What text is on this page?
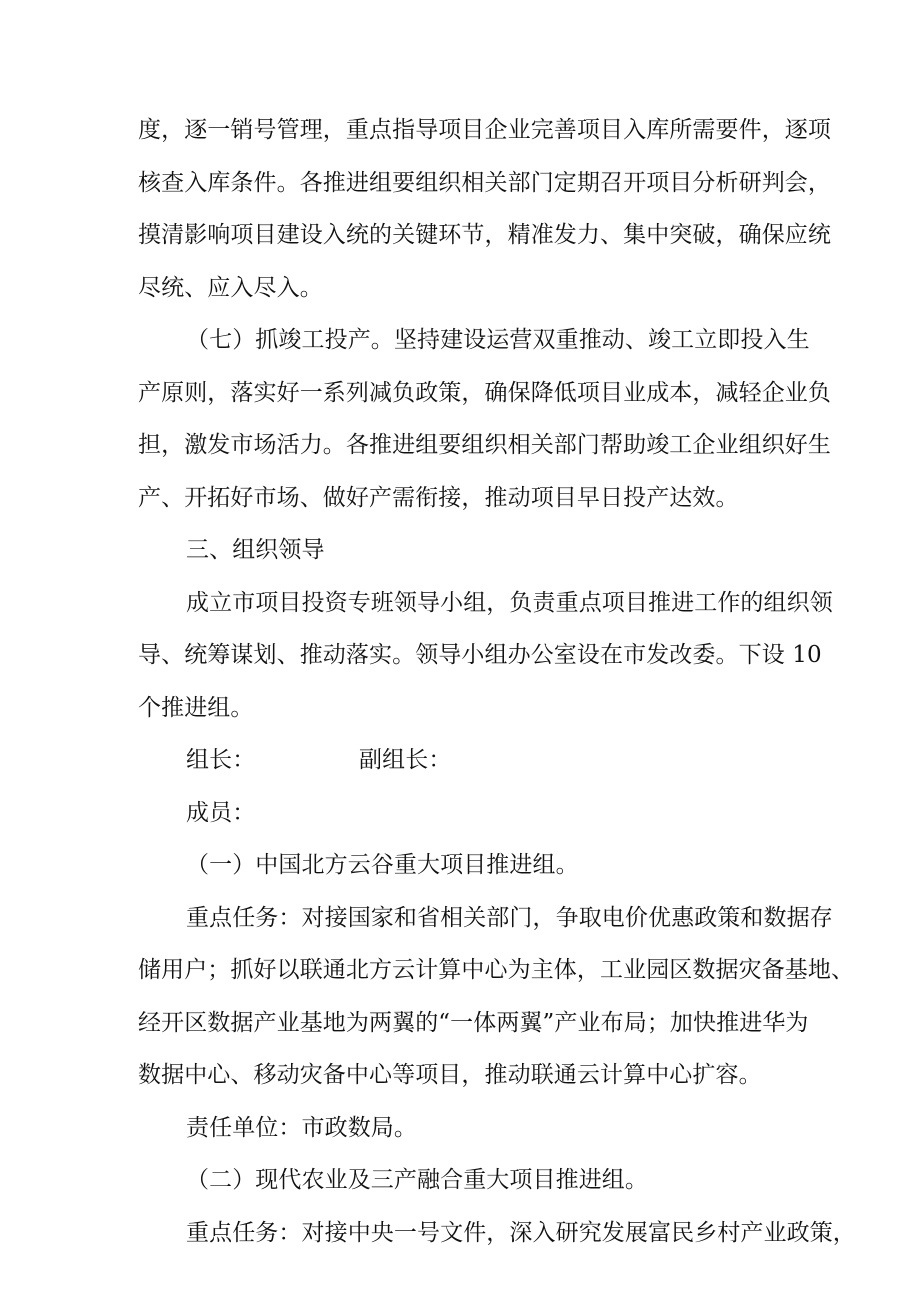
度，逐一销号管理，重点指导项目企业完善项目入库所需要件，逐项
核查入库条件。各推进组要组织相关部门定期召开项目分析研判会，
摸清影响项目建设入统的关键环节，精准发力、集中突破，确保应统
尽统、应入尽入。

（七）抓竣工投产。坚持建设运营双重推动、竣工立即投入生
产原则，落实好一系列减负政策，确保降低项目业成本，减轻企业负
担，激发市场活力。各推进组要组织相关部门帮助竣工企业组织好生
产、开拓好市场、做好产需衔接，推动项目早日投产达效。

三、组织领导

成立市项目投资专班领导小组，负责重点项目推进工作的组织领
导、统筹谋划、推动落实。领导小组办公室设在市发改委。下设 10
个推进组。

组长：              副组长：

成员：

（一）中国北方云谷重大项目推进组。

重点任务：对接国家和省相关部门，争取电价优惠政策和数据存
储用户；抓好以联通北方云计算中心为主体，工业园区数据灾备基地、
经开区数据产业基地为两翼的“一体两翼”产业布局；加快推进华为
数据中心、移动灾备中心等项目，推动联通云计算中心扩容。

责任单位：市政数局。

（二）现代农业及三产融合重大项目推进组。

重点任务：对接中央一号文件，深入研究发展富民乡村产业政策，
